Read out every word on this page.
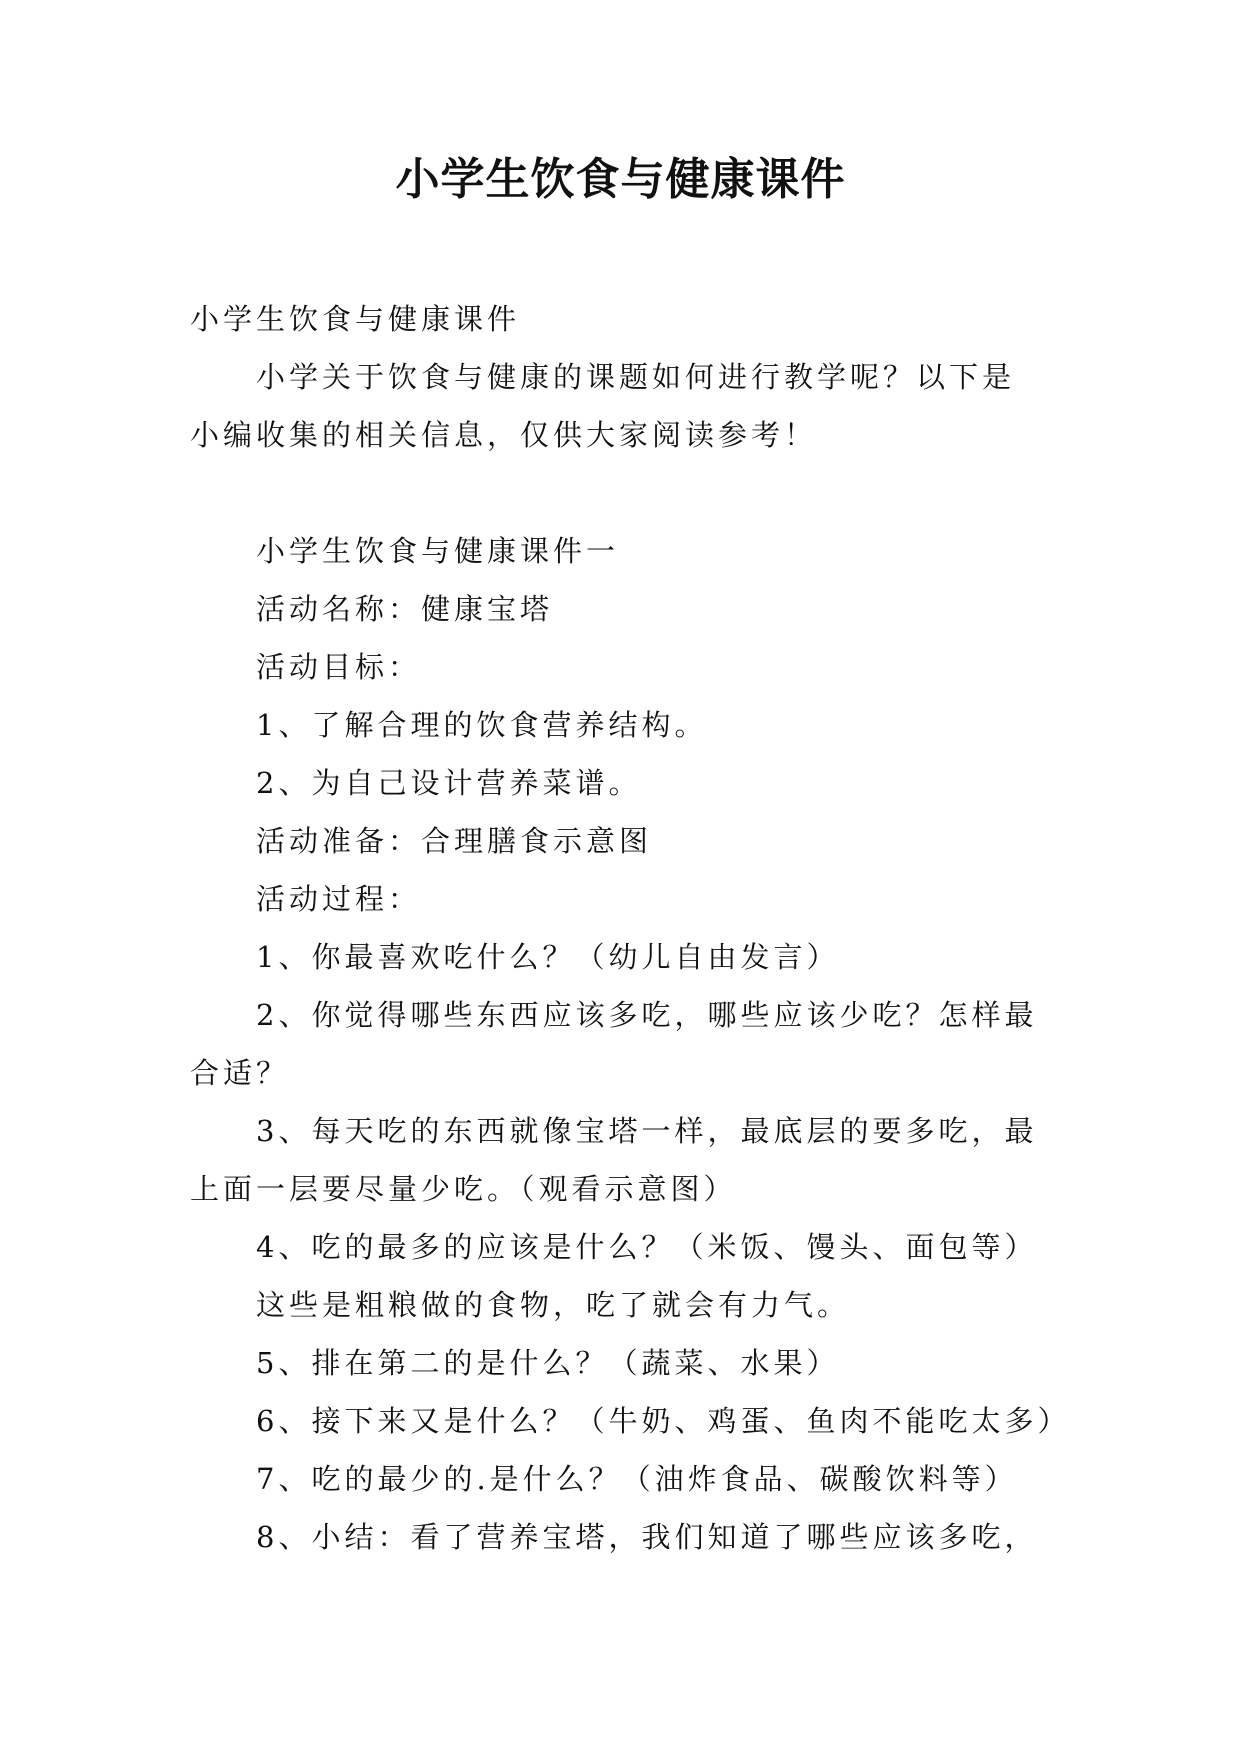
小学生饮食与健康课件
小学生饮食与健康课件
小学关于饮食与健康的课题如何进行教学呢？以下是
小编收集的相关信息，仅供大家阅读参考！
小学生饮食与健康课件一
活动名称：健康宝塔
活动目标：
1、了解合理的饮食营养结构。
2、为自己设计营养菜谱。
活动准备：合理膳食示意图
活动过程：
1、你最喜欢吃什么？（幼儿自由发言）
2、你觉得哪些东西应该多吃，哪些应该少吃？怎样最
合适？
3、每天吃的东西就像宝塔一样，最底层的要多吃，最
上面一层要尽量少吃。（观看示意图）
4、吃的最多的应该是什么？（米饭、馒头、面包等）
这些是粗粮做的食物，吃了就会有力气。
5、排在第二的是什么？（蔬菜、水果）
6、接下来又是什么？（牛奶、鸡蛋、鱼肉不能吃太多）
7、吃的最少的.是什么？（油炸食品、碳酸饮料等）
8、小结：看了营养宝塔，我们知道了哪些应该多吃，
